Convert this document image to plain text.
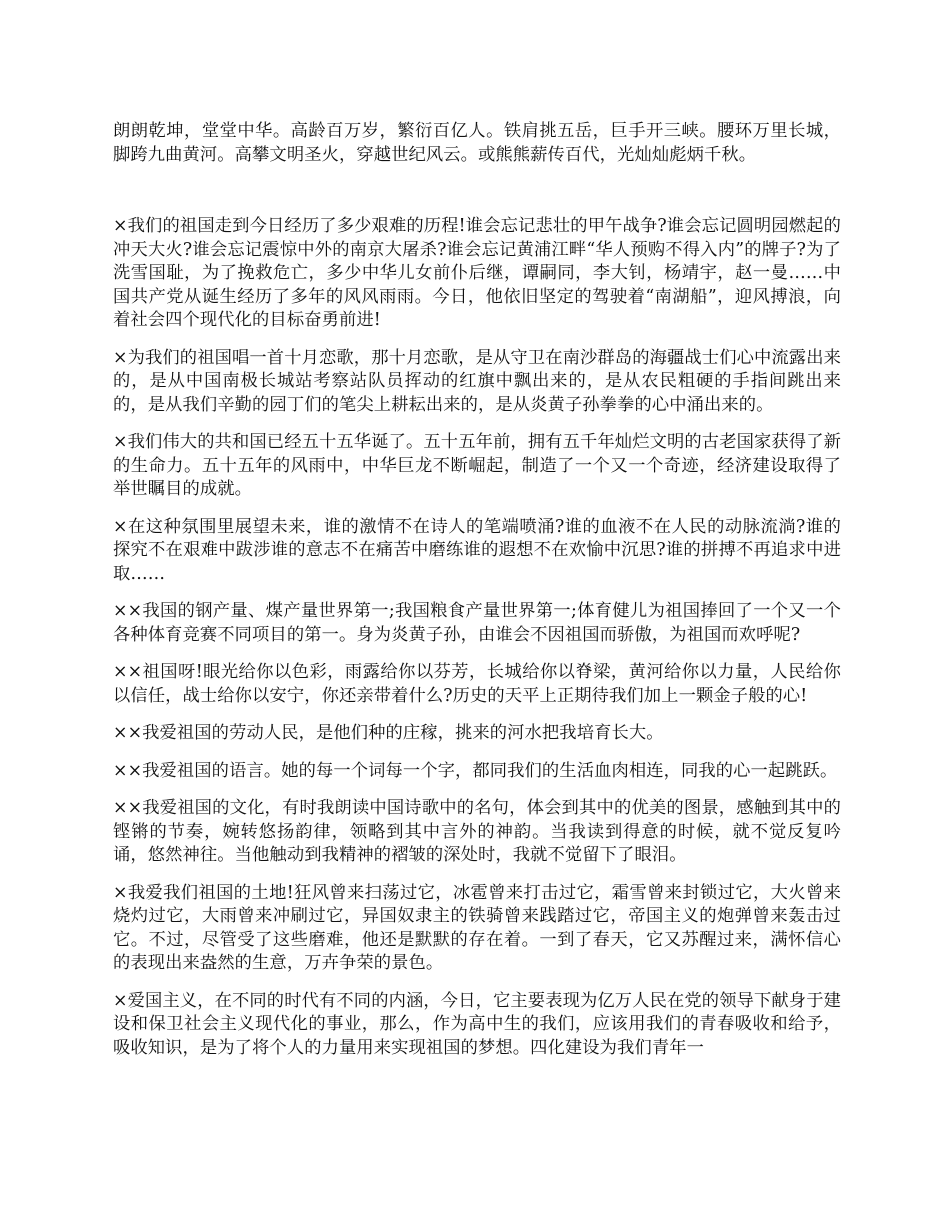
朗朗乾坤，堂堂中华。高龄百万岁，繁衍百亿人。铁肩挑五岳，巨手开三峡。腰环万里长城，脚跨九曲黄河。高攀文明圣火，穿越世纪风云。或熊熊薪传百代，光灿灿彪炳千秋。

×我们的祖国走到今日经历了多少艰难的历程!谁会忘记悲壮的甲午战争?谁会忘记圆明园燃起的冲天大火?谁会忘记震惊中外的南京大屠杀?谁会忘记黄浦江畔“华人预购不得入内”的牌子?为了洗雪国耻，为了挽救危亡，多少中华儿女前仆后继，谭嗣同，李大钊，杨靖宇，赵一曼……中国共产党从诞生经历了多年的风风雨雨。今日，他依旧坚定的驾驶着“南湖船”，迎风搏浪，向着社会四个现代化的目标奋勇前进!

×为我们的祖国唱一首十月恋歌，那十月恋歌，是从守卫在南沙群岛的海疆战士们心中流露出来的，是从中国南极长城站考察站队员挥动的红旗中飘出来的，是从农民粗硬的手指间跳出来的，是从我们辛勤的园丁们的笔尖上耕耘出来的，是从炎黄子孙拳拳的心中涌出来的。

×我们伟大的共和国已经五十五华诞了。五十五年前，拥有五千年灿烂文明的古老国家获得了新的生命力。五十五年的风雨中，中华巨龙不断崛起，制造了一个又一个奇迹，经济建设取得了举世瞩目的成就。

×在这种氛围里展望未来，谁的激情不在诗人的笔端喷涌?谁的血液不在人民的动脉流淌?谁的探究不在艰难中跋涉谁的意志不在痛苦中磨练谁的遐想不在欢愉中沉思?谁的拼搏不再追求中进取……

××我国的钢产量、煤产量世界第一;我国粮食产量世界第一;体育健儿为祖国捧回了一个又一个各种体育竞赛不同项目的第一。身为炎黄子孙，由谁会不因祖国而骄傲，为祖国而欢呼呢?

××祖国呀!眼光给你以色彩，雨露给你以芬芳，长城给你以脊梁，黄河给你以力量，人民给你以信任，战士给你以安宁，你还亲带着什么?历史的天平上正期待我们加上一颗金子般的心!

××我爱祖国的劳动人民，是他们种的庄稼，挑来的河水把我培育长大。

××我爱祖国的语言。她的每一个词每一个字，都同我们的生活血肉相连，同我的心一起跳跃。

××我爱祖国的文化，有时我朗读中国诗歌中的名句，体会到其中的优美的图景，感触到其中的铿锵的节奏，婉转悠扬韵律，领略到其中言外的神韵。当我读到得意的时候，就不觉反复吟诵，悠然神往。当他触动到我精神的褶皱的深处时，我就不觉留下了眼泪。

×我爱我们祖国的土地!狂风曾来扫荡过它，冰雹曾来打击过它，霜雪曾来封锁过它，大火曾来烧灼过它，大雨曾来冲刷过它，异国奴隶主的铁骑曾来践踏过它，帝国主义的炮弹曾来轰击过它。不过，尽管受了这些磨难，他还是默默的存在着。一到了春天，它又苏醒过来，满怀信心的表现出来盎然的生意，万卉争荣的景色。

×爱国主义，在不同的时代有不同的内涵，今日，它主要表现为亿万人民在党的领导下献身于建设和保卫社会主义现代化的事业，那么，作为高中生的我们，应该用我们的青春吸收和给予，吸收知识，是为了将个人的力量用来实现祖国的梦想。四化建设为我们青年一
